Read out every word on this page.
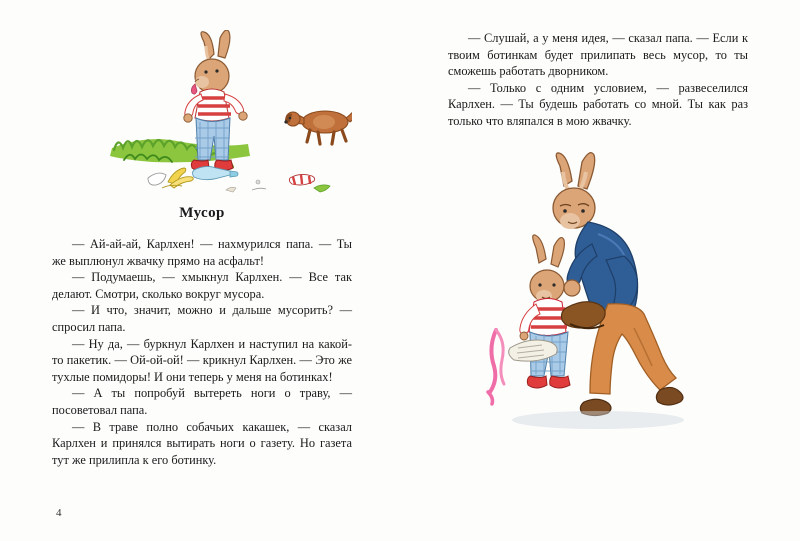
Мусор

— Ай-ай-ай, Карлхен! — нахмурился папа. — Ты же выплюнул жвачку прямо на асфальт!

— Подумаешь, — хмыкнул Карлхен. — Все так делают. Смотри, сколько вокруг мусора.

— И что, значит, можно и дальше мусорить? — спросил папа.

— Ну да, — буркнул Карлхен и наступил на какой-то пакетик. — Ой-ой-ой! — крикнул Карлхен. — Это же тухлые помидоры! И они теперь у меня на ботинках!

— А ты попробуй вытереть ноги о траву, — посоветовал папа.

— В траве полно собачьих какашек, — сказал Карлхен и принялся вытирать ноги о газету. Но газета тут же прилипла к его ботинку.

4

— Слушай, а у меня идея, — сказал папа. — Если к твоим ботинкам будет прилипать весь мусор, то ты сможешь работать дворником.

— Только с одним условием, — развеселился Карлхен. — Ты будешь работать со мной. Ты как раз только что вляпался в мою жвачку.
